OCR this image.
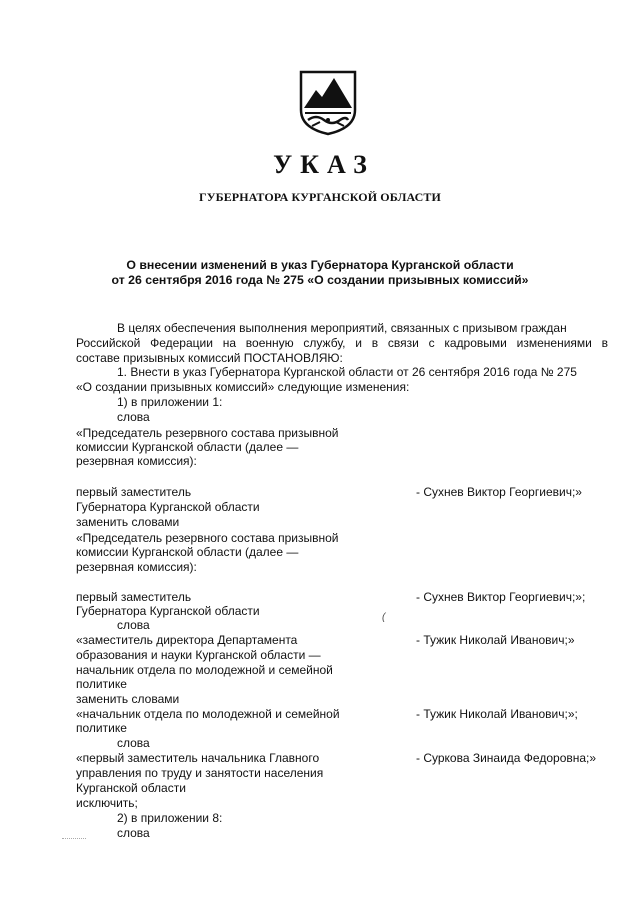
УКАЗ
ГУБЕРНАТОРА КУРГАНСКОЙ ОБЛАСТИ
О внесении изменений в указ Губернатора Курганской области
от 26 сентября 2016 года № 275 «О создании призывных комиссий»
В целях обеспечения выполнения мероприятий, связанных с призывом граждан
Российской Федерации на военную службу, и в связи с кадровыми изменениями в
составе призывных комиссий ПОСТАНОВЛЯЮ:
1. Внести в указ Губернатора Курганской области от 26 сентября 2016 года № 275
«О создании призывных комиссий» следующие изменения:
1) в приложении 1:
слова
«Председатель резервного состава призывной
комиссии Курганской области (далее —
резервная комиссия):
первый заместитель	- Сухнев Виктор Георгиевич;»
Губернатора Курганской области
заменить словами
«Председатель резервного состава призывной
комиссии Курганской области (далее —
резервная комиссия):
первый заместитель	- Сухнев Виктор Георгиевич;»;
Губернатора Курганской области	(
слова
«заместитель директора Департамента	- Тужик Николай Иванович;»
образования и науки Курганской области —
начальник отдела по молодежной и семейной
политике
заменить словами
«начальник отдела по молодежной и семейной	- Тужик Николай Иванович;»;
политике
слова
«первый заместитель начальника Главного	- Суркова Зинаида Федоровна;»
управления по труду и занятости населения
Курганской области
исключить;
2) в приложении 8:
слова
